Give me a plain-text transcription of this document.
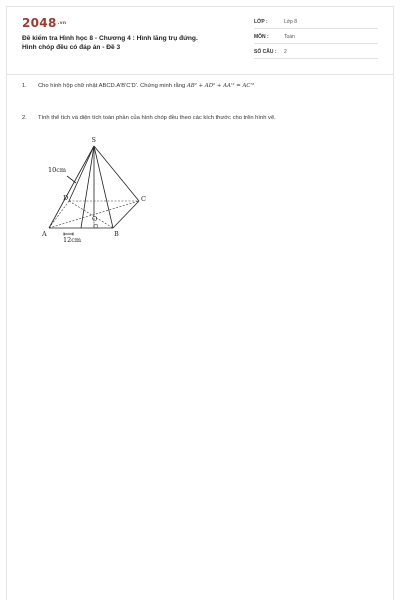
2048.vn
Đề kiểm tra Hình học 8 - Chương 4 : Hình lăng trụ đứng.
Hình chóp đều có đáp án - Đề 3
LỚP :	Lớp 8
MÔN :	Toán
SỐ CÂU : 2
1. Cho hình hộp chữ nhật ABCD.A'B'C'D'. Chứng minh rằng AB² + AD² + AA'² = AC'²
2. Tính thể tích và diện tích toàn phần của hình chóp đều theo các kích thước cho trên hình vẽ.
S
A	B
C
D
O
10cm
12cm
